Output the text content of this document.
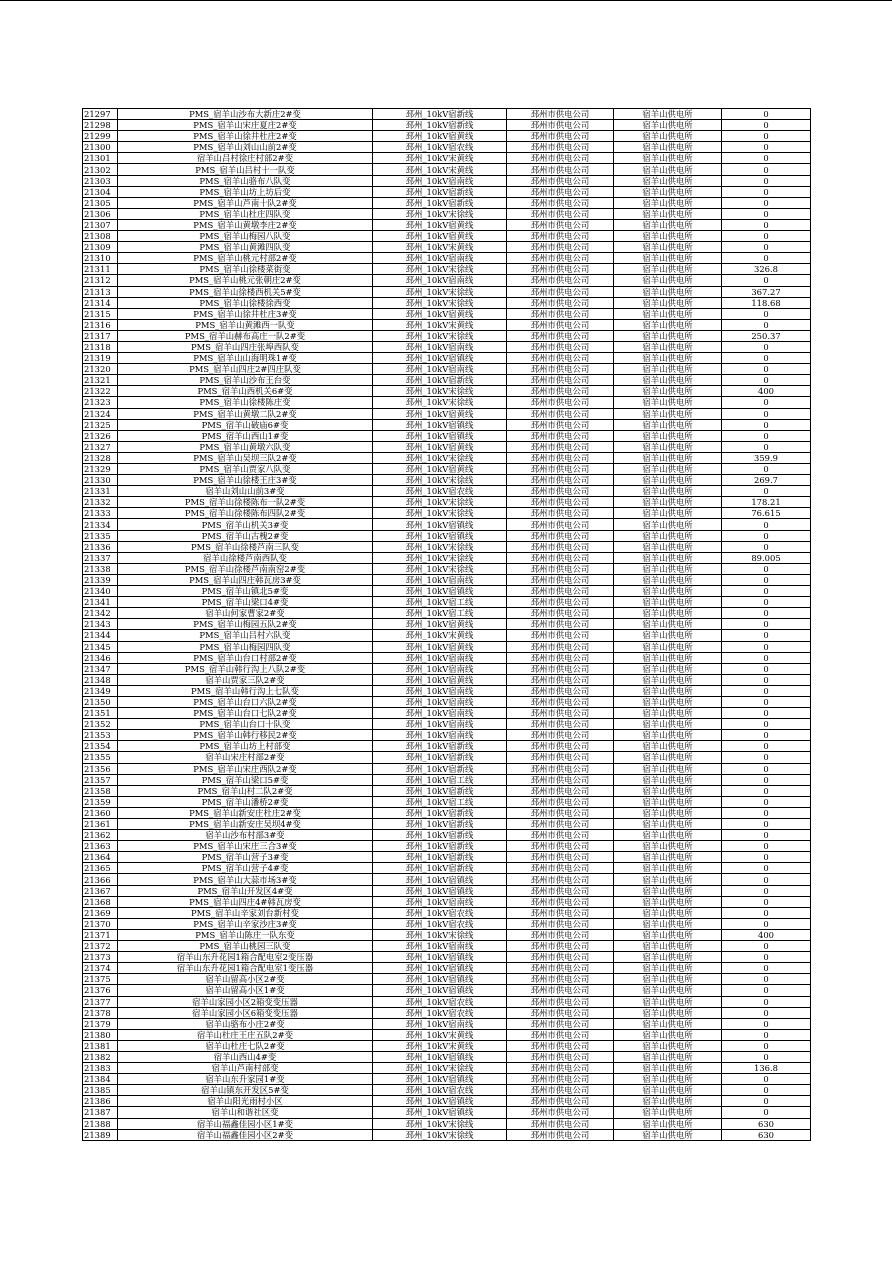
21297	PMS_宿羊山沙布大新庄2#变	邳州_10kV宿新线	邳州市供电公司	宿羊山供电所	0
21298	PMS_宿羊山宋庄夏庄2#变	邳州_10kV宿新线	邳州市供电公司	宿羊山供电所	0
21299	PMS_宿羊山徐井杜庄2#变	邳州_10kV宿黄线	邳州市供电公司	宿羊山供电所	0
21300	PMS_宿羊山刘山山前2#变	邳州_10kV宿农线	邳州市供电公司	宿羊山供电所	0
21301	宿羊山吕村徐庄村部2#变	邳州_10kV宋黄线	邳州市供电公司	宿羊山供电所	0
21302	PMS_宿羊山吕村十一队变	邳州_10kV宋黄线	邳州市供电公司	宿羊山供电所	0
21303	PMS_宿羊山骆布八队变	邳州_10kV宿南线	邳州市供电公司	宿羊山供电所	0
21304	PMS_宿羊山坊上坊后变	邳州_10kV宿新线	邳州市供电公司	宿羊山供电所	0
21305	PMS_宿羊山芦南十队2#变	邳州_10kV宿新线	邳州市供电公司	宿羊山供电所	0
21306	PMS_宿羊山杜庄四队变	邳州_10kV宋徐线	邳州市供电公司	宿羊山供电所	0
21307	PMS_宿羊山黄墩李庄2#变	邳州_10kV宿黄线	邳州市供电公司	宿羊山供电所	0
21308	PMS_宿羊山梅园八队变	邳州_10kV宿黄线	邳州市供电公司	宿羊山供电所	0
21309	PMS_宿羊山黄滩四队变	邳州_10kV宋黄线	邳州市供电公司	宿羊山供电所	0
21310	PMS_宿羊山桃元村部2#变	邳州_10kV宿南线	邳州市供电公司	宿羊山供电所	0
21311	PMS_宿羊山徐楼菜街变	邳州_10kV宋徐线	邳州市供电公司	宿羊山供电所	326.8
21312	PMS_宿羊山桃元张朝庄2#变	邳州_10kV宿南线	邳州市供电公司	宿羊山供电所	0
21313	PMS_宿羊山徐楼西机关5#变	邳州_10kV宋徐线	邳州市供电公司	宿羊山供电所	367.27
21314	PMS_宿羊山徐楼徐西变	邳州_10kV宋徐线	邳州市供电公司	宿羊山供电所	118.68
21315	PMS_宿羊山徐井杜庄3#变	邳州_10kV宿黄线	邳州市供电公司	宿羊山供电所	0
21316	PMS_宿羊山黄滩西一队变	邳州_10kV宋黄线	邳州市供电公司	宿羊山供电所	0
21317	PMS_宿羊山赫布高庄一队2#变	邳州_10kV宋徐线	邳州市供电公司	宿羊山供电所	250.37
21318	PMS_宿羊山四庄张埠西队变	邳州_10kV宿南线	邳州市供电公司	宿羊山供电所	0
21319	PMS_宿羊山山海明珠1#变	邳州_10kV宿镇线	邳州市供电公司	宿羊山供电所	0
21320	PMS_宿羊山四庄2#四庄队变	邳州_10kV宿南线	邳州市供电公司	宿羊山供电所	0
21321	PMS_宿羊山沙布王台变	邳州_10kV宿新线	邳州市供电公司	宿羊山供电所	0
21322	PMS_宿羊山西机关6#变	邳州_10kV宋徐线	邳州市供电公司	宿羊山供电所	400
21323	PMS_宿羊山徐楼陈庄变	邳州_10kV宋徐线	邳州市供电公司	宿羊山供电所	0
21324	PMS_宿羊山黄墩二队2#变	邳州_10kV宿黄线	邳州市供电公司	宿羊山供电所	0
21325	PMS_宿羊山破庙6#变	邳州_10kV宿镇线	邳州市供电公司	宿羊山供电所	0
21326	PMS_宿羊山西山1#变	邳州_10kV宿镇线	邳州市供电公司	宿羊山供电所	0
21327	PMS_宿羊山黄墩六队变	邳州_10kV宿黄线	邳州市供电公司	宿羊山供电所	0
21328	PMS_宿羊山吴坝三队2#变	邳州_10kV宋徐线	邳州市供电公司	宿羊山供电所	359.9
21329	PMS_宿羊山贾家八队变	邳州_10kV宿黄线	邳州市供电公司	宿羊山供电所	0
21330	PMS_宿羊山徐楼王庄3#变	邳州_10kV宋徐线	邳州市供电公司	宿羊山供电所	269.7
21331	宿羊山刘山山前3#变	邳州_10kV宿农线	邳州市供电公司	宿羊山供电所	0
21332	PMS_宿羊山徐楼陈布一队2#变	邳州_10kV宋徐线	邳州市供电公司	宿羊山供电所	178.21
21333	PMS_宿羊山徐楼陈布四队2#变	邳州_10kV宋徐线	邳州市供电公司	宿羊山供电所	76.615
21334	PMS_宿羊山机关3#变	邳州_10kV宿镇线	邳州市供电公司	宿羊山供电所	0
21335	PMS_宿羊山古槐2#变	邳州_10kV宿镇线	邳州市供电公司	宿羊山供电所	0
21336	PMS_宿羊山徐楼芦南三队变	邳州_10kV宋徐线	邳州市供电公司	宿羊山供电所	0
21337	宿羊山徐楼芦南西队变	邳州_10kV宋徐线	邳州市供电公司	宿羊山供电所	89.005
21338	PMS_宿羊山徐楼芦南南窑2#变	邳州_10kV宋徐线	邳州市供电公司	宿羊山供电所	0
21339	PMS_宿羊山四庄韩瓦房3#变	邳州_10kV宿南线	邳州市供电公司	宿羊山供电所	0
21340	PMS_宿羊山镇北5#变	邳州_10kV宿镇线	邳州市供电公司	宿羊山供电所	0
21341	PMS_宿羊山梁口4#变	邳州_10kV宿工线	邳州市供电公司	宿羊山供电所	0
21342	宿羊山何家曹家2#变	邳州_10kV宿工线	邳州市供电公司	宿羊山供电所	0
21343	PMS_宿羊山梅园五队2#变	邳州_10kV宿黄线	邳州市供电公司	宿羊山供电所	0
21344	PMS_宿羊山吕村六队变	邳州_10kV宋黄线	邳州市供电公司	宿羊山供电所	0
21345	PMS_宿羊山梅园四队变	邳州_10kV宿黄线	邳州市供电公司	宿羊山供电所	0
21346	PMS_宿羊山台口村部2#变	邳州_10kV宿南线	邳州市供电公司	宿羊山供电所	0
21347	PMS_宿羊山韩行沟上八队2#变	邳州_10kV宿南线	邳州市供电公司	宿羊山供电所	0
21348	宿羊山贾家三队2#变	邳州_10kV宿黄线	邳州市供电公司	宿羊山供电所	0
21349	PMS_宿羊山韩行沟上七队变	邳州_10kV宿南线	邳州市供电公司	宿羊山供电所	0
21350	PMS_宿羊山台口六队2#变	邳州_10kV宿南线	邳州市供电公司	宿羊山供电所	0
21351	PMS_宿羊山台口七队2#变	邳州_10kV宿南线	邳州市供电公司	宿羊山供电所	0
21352	PMS_宿羊山台口十队变	邳州_10kV宿南线	邳州市供电公司	宿羊山供电所	0
21353	PMS_宿羊山韩行移民2#变	邳州_10kV宿南线	邳州市供电公司	宿羊山供电所	0
21354	PMS_宿羊山坊上村部变	邳州_10kV宿新线	邳州市供电公司	宿羊山供电所	0
21355	宿羊山宋庄村部2#变	邳州_10kV宿新线	邳州市供电公司	宿羊山供电所	0
21356	PMS_宿羊山宋庄西队2#变	邳州_10kV宿新线	邳州市供电公司	宿羊山供电所	0
21357	PMS_宿羊山梁口5#变	邳州_10kV宿工线	邳州市供电公司	宿羊山供电所	0
21358	PMS_宿羊山村二队2#变	邳州_10kV宿新线	邳州市供电公司	宿羊山供电所	0
21359	PMS_宿羊山潘桥2#变	邳州_10kV宿工线	邳州市供电公司	宿羊山供电所	0
21360	PMS_宿羊山新安庄杜庄2#变	邳州_10kV宿新线	邳州市供电公司	宿羊山供电所	0
21361	PMS_宿羊山新安庄吴坝4#变	邳州_10kV宿新线	邳州市供电公司	宿羊山供电所	0
21362	宿羊山沙布村部3#变	邳州_10kV宿新线	邳州市供电公司	宿羊山供电所	0
21363	PMS_宿羊山宋庄三合3#变	邳州_10kV宿新线	邳州市供电公司	宿羊山供电所	0
21364	PMS_宿羊山营子3#变	邳州_10kV宿新线	邳州市供电公司	宿羊山供电所	0
21365	PMS_宿羊山营子4#变	邳州_10kV宿新线	邳州市供电公司	宿羊山供电所	0
21366	PMS_宿羊山大蒜市场3#变	邳州_10kV宿镇线	邳州市供电公司	宿羊山供电所	0
21367	PMS_宿羊山开发区4#变	邳州_10kV宿镇线	邳州市供电公司	宿羊山供电所	0
21368	PMS_宿羊山四庄4#韩瓦房变	邳州_10kV宿南线	邳州市供电公司	宿羊山供电所	0
21369	PMS_宿羊山辛家刘台新村变	邳州_10kV宿农线	邳州市供电公司	宿羊山供电所	0
21370	PMS_宿羊山辛家沙庄3#变	邳州_10kV宿农线	邳州市供电公司	宿羊山供电所	0
21371	PMS_宿羊山陈庄一队东变	邳州_10kV宋徐线	邳州市供电公司	宿羊山供电所	400
21372	PMS_宿羊山桃园三队变	邳州_10kV宿南线	邳州市供电公司	宿羊山供电所	0
21373	宿羊山东升花园1箱合配电室2变压器	邳州_10kV宿镇线	邳州市供电公司	宿羊山供电所	0
21374	宿羊山东升花园1箱合配电室1变压器	邳州_10kV宿镇线	邳州市供电公司	宿羊山供电所	0
21375	宿羊山留高小区2#变	邳州_10kV宿镇线	邳州市供电公司	宿羊山供电所	0
21376	宿羊山留高小区1#变	邳州_10kV宿镇线	邳州市供电公司	宿羊山供电所	0
21377	宿羊山家园小区2箱变变压器	邳州_10kV宿农线	邳州市供电公司	宿羊山供电所	0
21378	宿羊山家园小区6箱变变压器	邳州_10kV宿农线	邳州市供电公司	宿羊山供电所	0
21379	宿羊山骆布小庄2#变	邳州_10kV宿南线	邳州市供电公司	宿羊山供电所	0
21380	宿羊山杜庄王庄五队2#变	邳州_10kV宋黄线	邳州市供电公司	宿羊山供电所	0
21381	宿羊山杜庄七队2#变	邳州_10kV宋黄线	邳州市供电公司	宿羊山供电所	0
21382	宿羊山西山4#变	邳州_10kV宿镇线	邳州市供电公司	宿羊山供电所	0
21383	宿羊山芦南村部变	邳州_10kV宋徐线	邳州市供电公司	宿羊山供电所	136.8
21384	宿羊山东升家园1#变	邳州_10kV宿镇线	邳州市供电公司	宿羊山供电所	0
21385	宿羊山镇东开发区5#变	邳州_10kV宿农线	邳州市供电公司	宿羊山供电所	0
21386	宿羊山阳光雨村小区	邳州_10kV宿镇线	邳州市供电公司	宿羊山供电所	0
21387	宿羊山和谐社区变	邳州_10kV宿镇线	邳州市供电公司	宿羊山供电所	0
21388	宿羊山福鑫佳园小区1#变	邳州_10kV宋徐线	邳州市供电公司	宿羊山供电所	630
21389	宿羊山福鑫佳园小区2#变	邳州_10kV宋徐线	邳州市供电公司	宿羊山供电所	630
